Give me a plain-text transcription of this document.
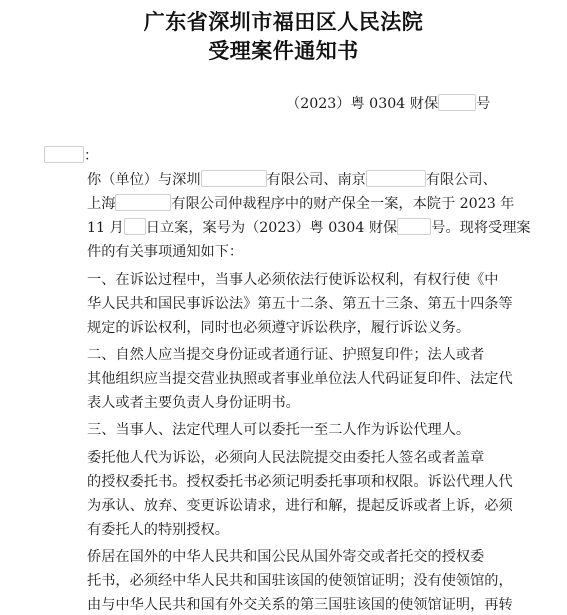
广东省深圳市福田区人民法院
受理案件通知书
（2023）粤 0304 财保	号
：
你（单位）与深圳	有限公司、南京	有限公司、
上海	有限公司仲裁程序中的财产保全一案，本院于 2023 年
11 月 日立案，案号为（2023）粤 0304 财保 号。现将受理案
件的有关事项通知如下：
一、在诉讼过程中，当事人必须依法行使诉讼权利，有权行使《中
华人民共和国民事诉讼法》第五十二条、第五十三条、第五十四条等
规定的诉讼权利，同时也必须遵守诉讼秩序，履行诉讼义务。
二、自然人应当提交身份证或者通行证、护照复印件；法人或者
其他组织应当提交营业执照或者事业单位法人代码证复印件、法定代
表人或者主要负责人身份证明书。
三、当事人、法定代理人可以委托一至二人作为诉讼代理人。
委托他人代为诉讼，必须向人民法院提交由委托人签名或者盖章
的授权委托书。授权委托书必须记明委托事项和权限。诉讼代理人代
为承认、放弃、变更诉讼请求，进行和解，提起反诉或者上诉，必须
有委托人的特别授权。
侨居在国外的中华人民共和国公民从国外寄交或者托交的授权委
托书，必须经中华人民共和国驻该国的使领馆证明；没有使领馆的，
由与中华人民共和国有外交关系的第三国驻该国的使领馆证明，再转
